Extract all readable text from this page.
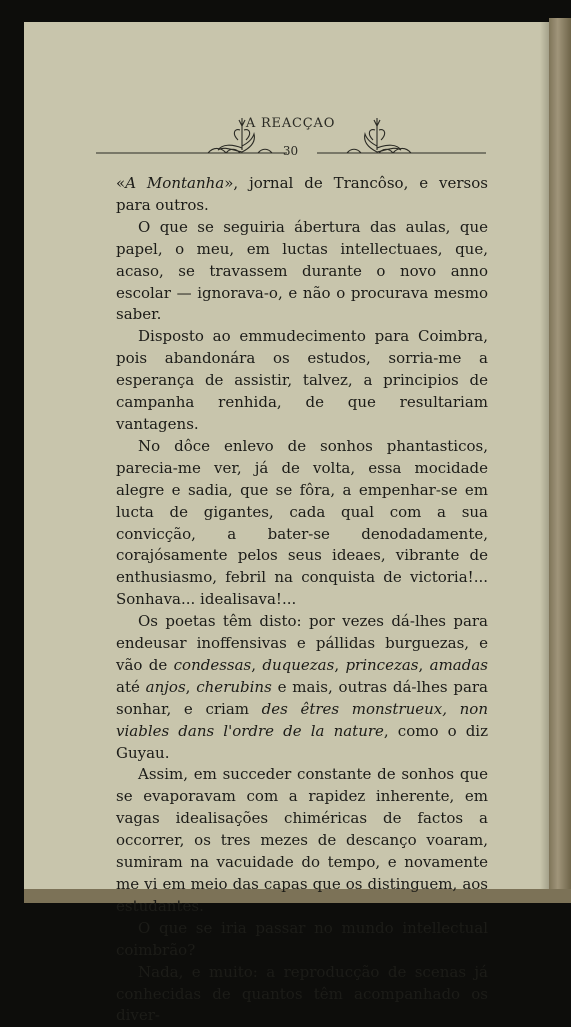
A REACÇAO
30

«A Montanha», jornal de Trancôso, e versos para outros.

O que se seguiria ábertura das aulas, que papel, o meu, em luctas intellectuaes, que, acaso, se travassem durante o novo anno escolar — ignorava-o, e não o procurava mesmo saber.

Disposto ao emmudecimento para Coimbra, pois abandonára os estudos, sorria-me a esperança de assistir, talvez, a principios de campanha renhida, de que resultariam vantagens.

No dôce enlevo de sonhos phantasticos, parecia-me ver, já de volta, essa mocidade alegre e sadia, que se fôra, a empenhar-se em lucta de gigantes, cada qual com a sua convicção, a bater-se denodadamente, corajósamente pelos seus ideaes, vibrante de enthusiasmo, febril na conquista de victoria!... Sonhava... idealisava!...

Os poetas têm disto: por vezes dá-lhes para endeusar inoffensivas e pállidas burguezas, e vão de condessas, duquezas, princezas, amadas até anjos, cherubins e mais, outras dá-lhes para sonhar, e criam des êtres monstrueux, non viables dans l'ordre de la nature, como o diz Guyau.

Assim, em succeder constante de sonhos que se evaporavam com a rapidez inherente, em vagas idealisações chiméricas de factos a occorrer, os tres mezes de descanço voaram, sumiram na vacuidade do tempo, e novamente me vi em meio das capas que os distinguem, aos estudantes.

O que se iria passar no mundo intellectual coimbrão?

Nada, e muito: a reproducção de scenas já conhecidas de quantos têm acompanhado os diver-
